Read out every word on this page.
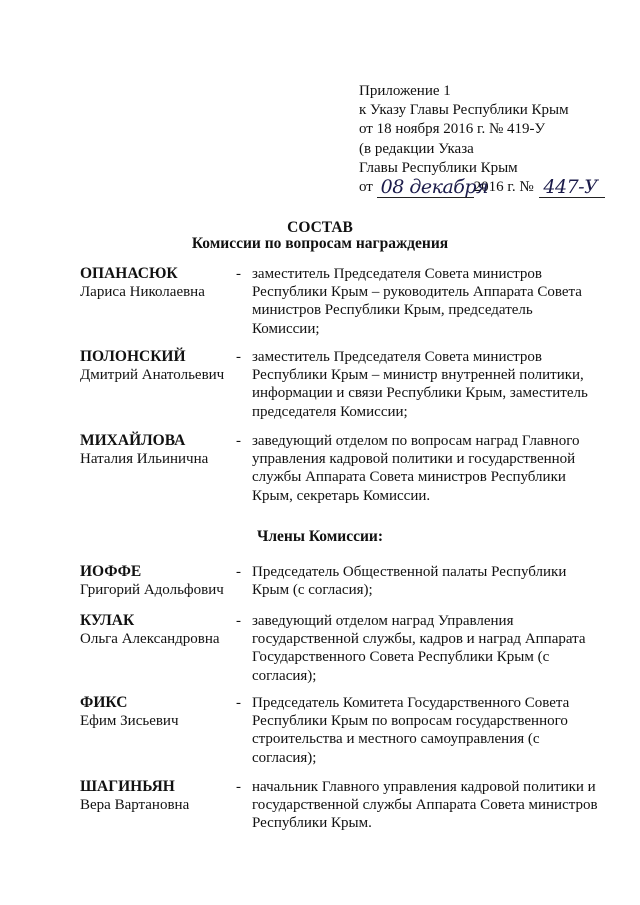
Приложение 1
к Указу Главы Республики Крым
от 18 ноября 2016 г. № 419-У
(в редакции Указа
Главы Республики Крым
от 08 декабря
2016 г. № 447-У
СОСТАВ
Комиссии по вопросам награждения
ОПАНАСЮК
Лариса Николаевна
- заместитель Председателя Совета министров Республики Крым – руководитель Аппарата Совета министров Республики Крым, председатель Комиссии;
ПОЛОНСКИЙ
Дмитрий Анатольевич
- заместитель Председателя Совета министров Республики Крым – министр внутренней политики, информации и связи Республики Крым, заместитель председателя Комиссии;
МИХАЙЛОВА
Наталия Ильинична
- заведующий отделом по вопросам наград Главного управления кадровой политики и государственной службы Аппарата Совета министров Республики Крым, секретарь Комиссии.
Члены Комиссии:
ИОФФЕ
Григорий Адольфович
- Председатель Общественной палаты Республики Крым (с согласия);
КУЛАК
Ольга Александровна
- заведующий отделом наград Управления государственной службы, кадров и наград Аппарата Государственного Совета Республики Крым (с согласия);
ФИКС
Ефим Зисьевич
- Председатель Комитета Государственного Совета Республики Крым по вопросам государственного строительства и местного самоуправления (с согласия);
ШАГИНЬЯН
Вера Вартановна
- начальник Главного управления кадровой политики и государственной службы Аппарата Совета министров Республики Крым.
